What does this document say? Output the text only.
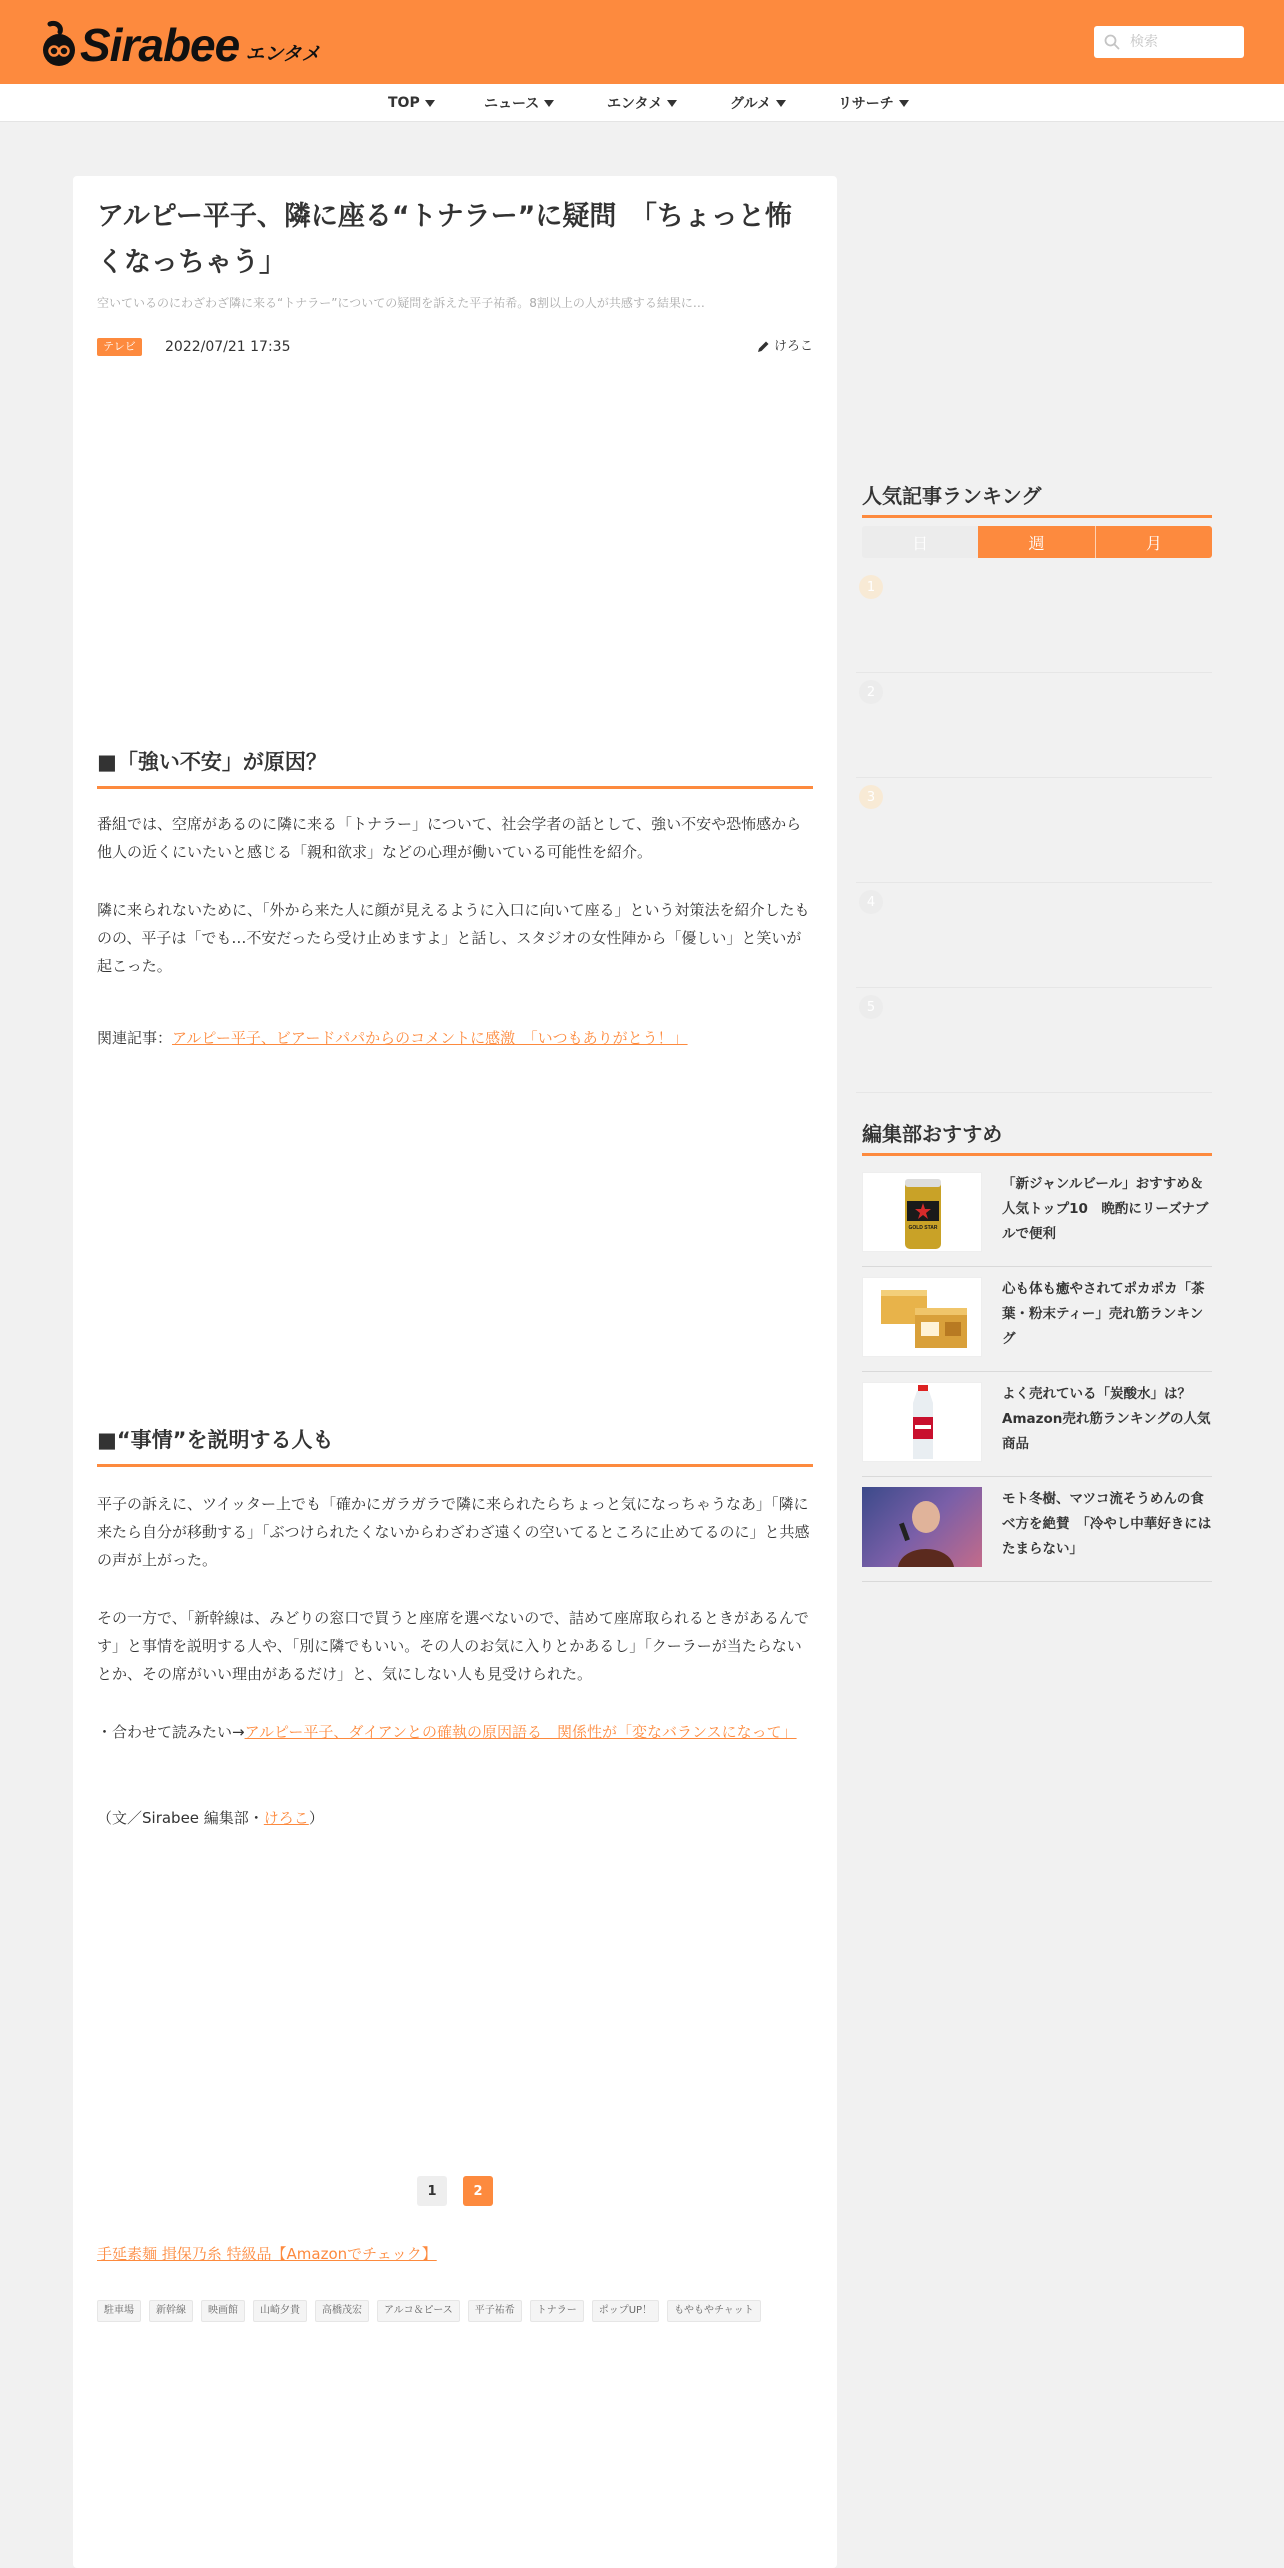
Sirabee エンタメ
検索
TOP	ニュース	エンタメ	グルメ	リサーチ
アルピー平子、隣に座る“トナラー”に疑問　「ちょっと怖くなっちゃう」
空いているのにわざわざ隣に来る“トナラー”についての疑問を訴えた平子祐希。8割以上の人が共感する結果に…
テレビ	2022/07/21 17:35	けろこ
■「強い不安」が原因？

番組では、空席があるのに隣に来る「トナラー」について、社会学者の話として、強い不安や恐怖感から他人の近くにいたいと感じる「親和欲求」などの心理が働いている可能性を紹介。

隣に来られないために、「外から来た人に顔が見えるように入口に向いて座る」という対策法を紹介したものの、平子は「でも…不安だったら受け止めますよ」と話し、スタジオの女性陣から「優しい」と笑いが起こった。

関連記事：アルピー平子、ビアードパパからのコメントに感激　「いつもありがとう！」

■“事情”を説明する人も

平子の訴えに、ツイッター上でも「確かにガラガラで隣に来られたらちょっと気になっちゃうなあ」「隣に来たら自分が移動する」「ぶつけられたくないからわざわざ遠くの空いてるところに止めてるのに」と共感の声が上がった。

その一方で、「新幹線は、みどりの窓口で買うと座席を選べないので、詰めて座席取られるときがあるんです」と事情を説明する人や、「別に隣でもいい。その人のお気に入りとかあるし」「クーラーが当たらないとか、その席がいい理由があるだけ」と、気にしない人も見受けられた。

・合わせて読みたい→アルピー平子、ダイアンとの確執の原因語る　関係性が「変なバランスになって」

（文／Sirabee 編集部・けろこ）

1	2

手延素麺 揖保乃糸 特級品【Amazonでチェック】

駐車場	新幹線	映画館	山崎夕貴	高橋茂宏	アルコ＆ピース	平子祐希	トナラー	ポップUP！	もやもやチャット
人気記事ランキング
日	週	月
1
2
3
4
5
編集部おすすめ
GOLD STAR
「新ジャンルビール」おすすめ＆人気トップ10　晩酌にリーズナブルで便利
心も体も癒やされてポカポカ「茶葉・粉末ティー」売れ筋ランキング
よく売れている「炭酸水」は？Amazon売れ筋ランキングの人気商品
モト冬樹、マツコ流そうめんの食べ方を絶賛　「冷やし中華好きにはたまらない」
